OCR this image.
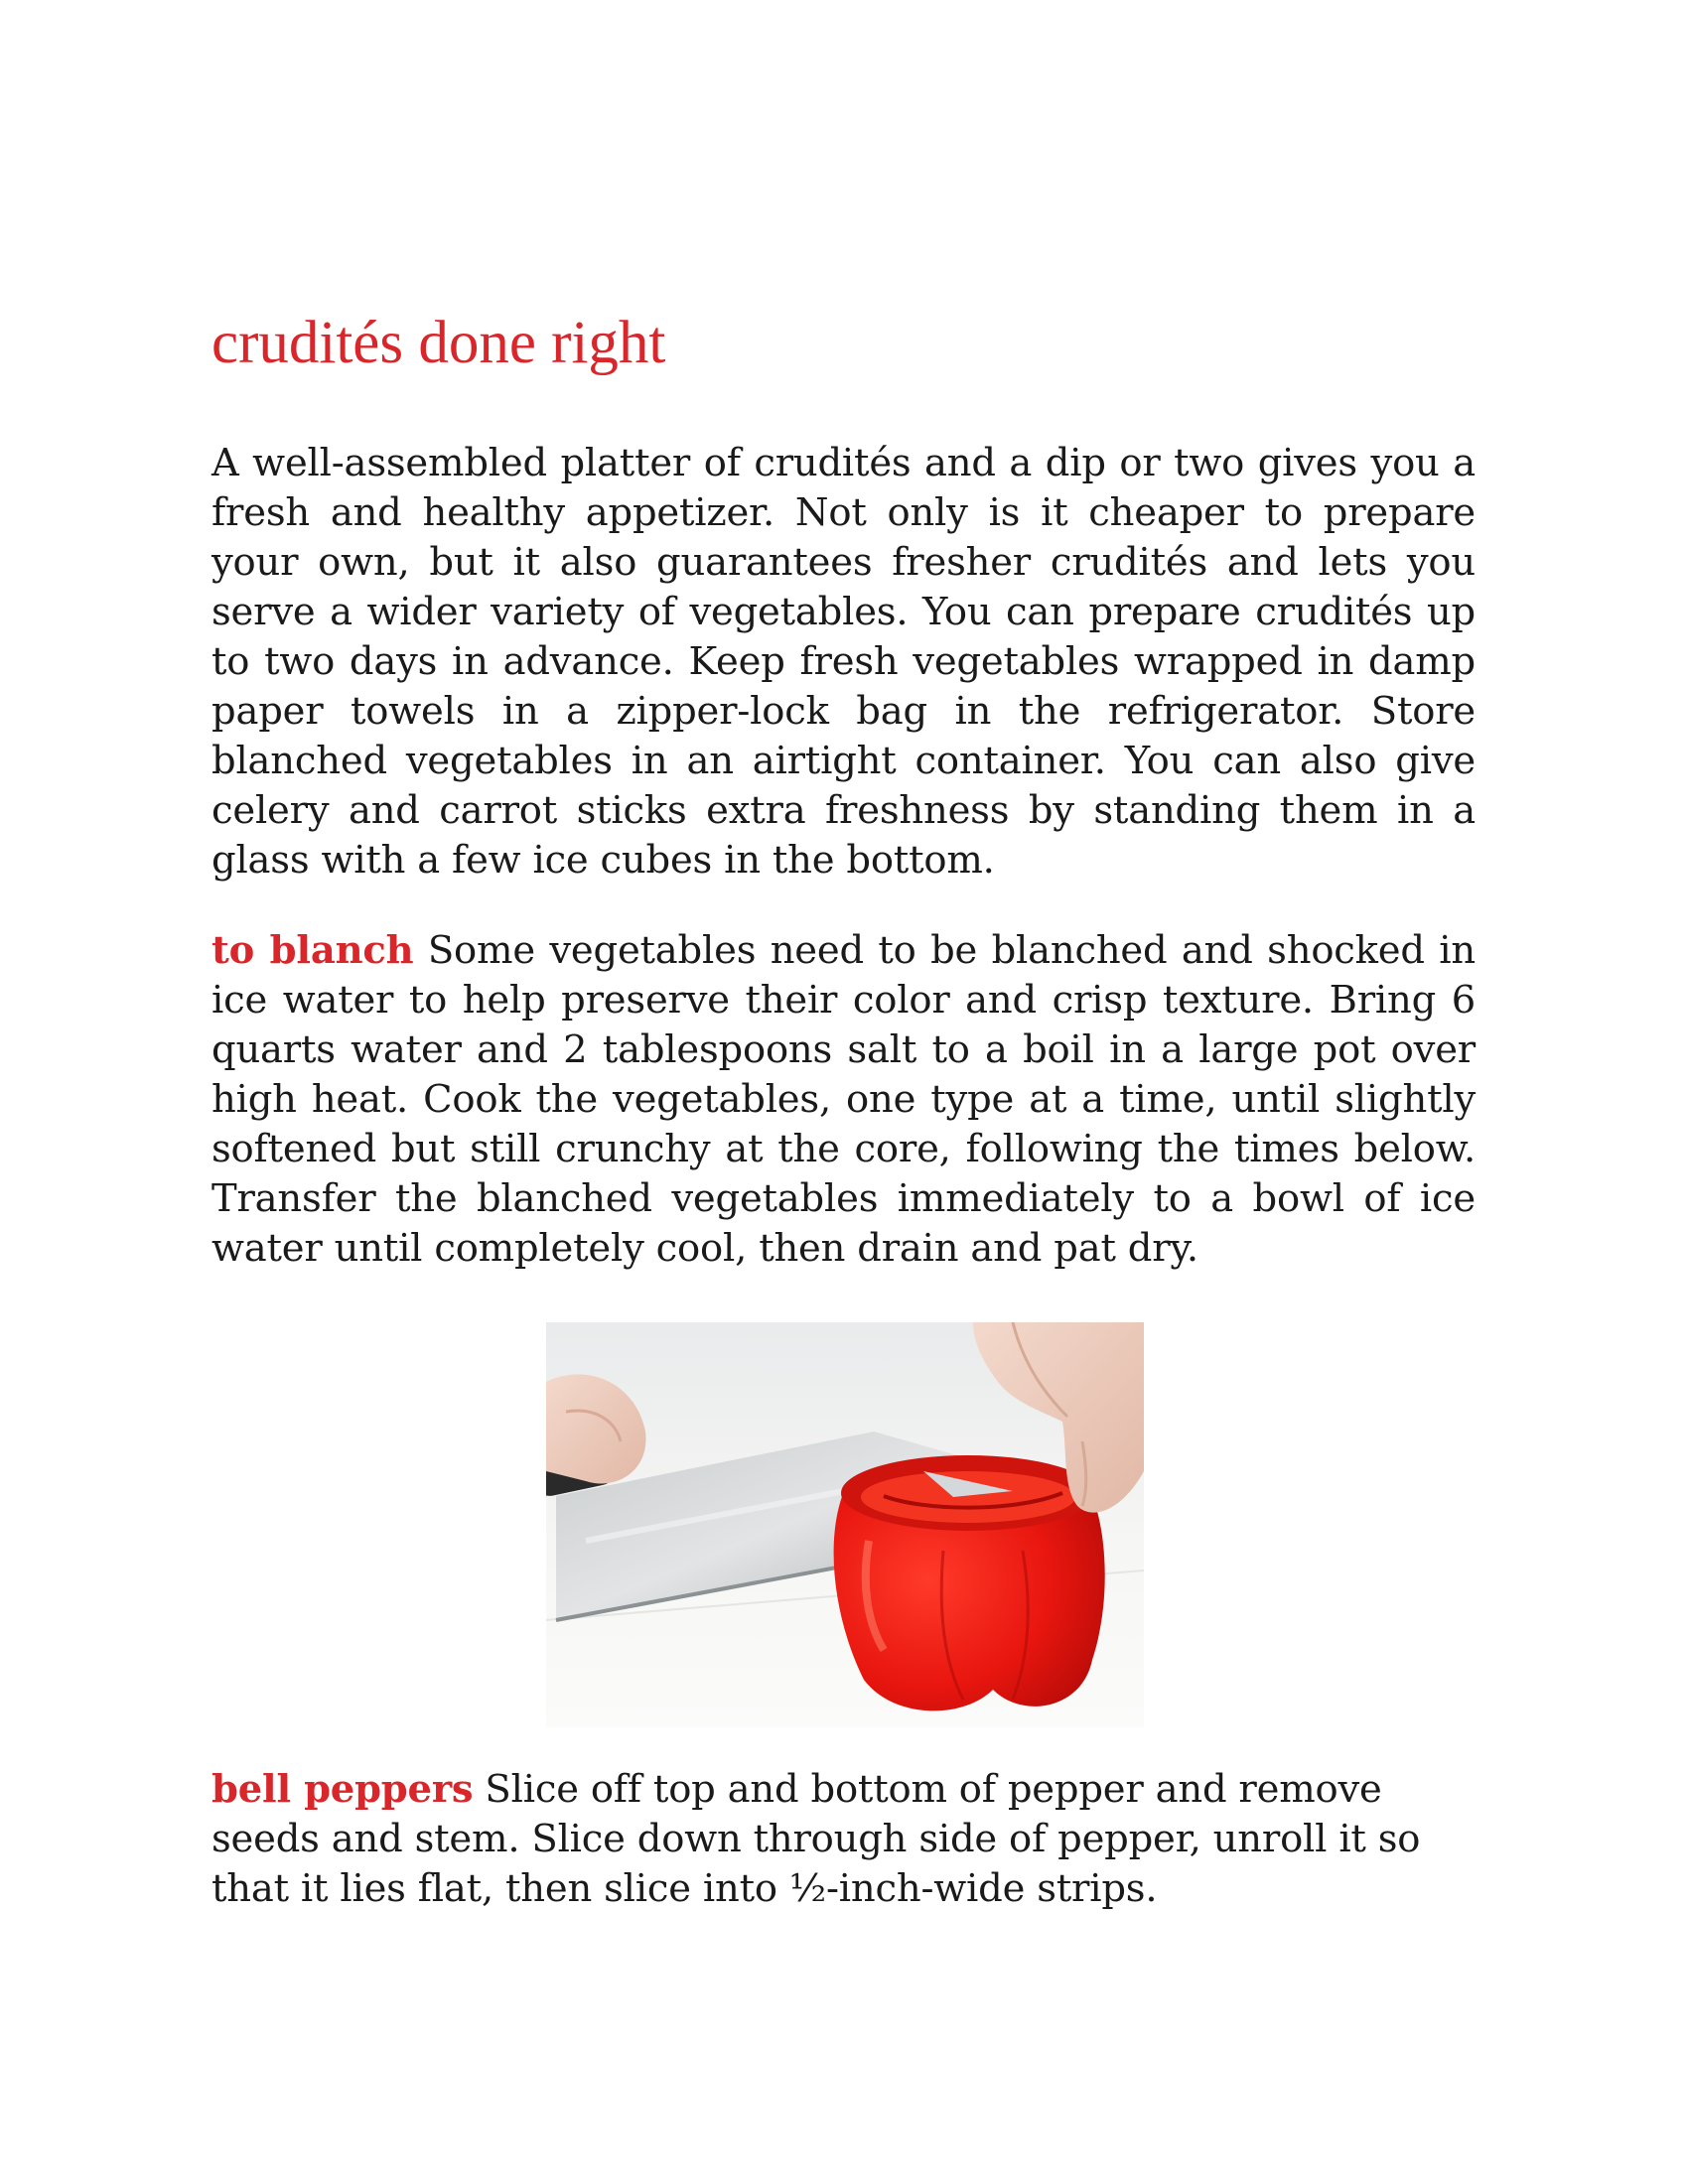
crudités done right

A well-assembled platter of crudités and a dip or two gives you a fresh and healthy appetizer. Not only is it cheaper to prepare your own, but it also guarantees fresher crudités and lets you serve a wider variety of vegetables. You can prepare crudités up to two days in advance. Keep fresh vegetables wrapped in damp paper towels in a zipper-lock bag in the refrigerator. Store blanched vegetables in an airtight container. You can also give celery and carrot sticks extra freshness by standing them in a glass with a few ice cubes in the bottom.

to blanch Some vegetables need to be blanched and shocked in ice water to help preserve their color and crisp texture. Bring 6 quarts water and 2 tablespoons salt to a boil in a large pot over high heat. Cook the vegetables, one type at a time, until slightly softened but still crunchy at the core, following the times below. Transfer the blanched vegetables immediately to a bowl of ice water until completely cool, then drain and pat dry.

bell peppers Slice off top and bottom of pepper and remove seeds and stem. Slice down through side of pepper, unroll it so that it lies flat, then slice into ½-inch-wide strips.
